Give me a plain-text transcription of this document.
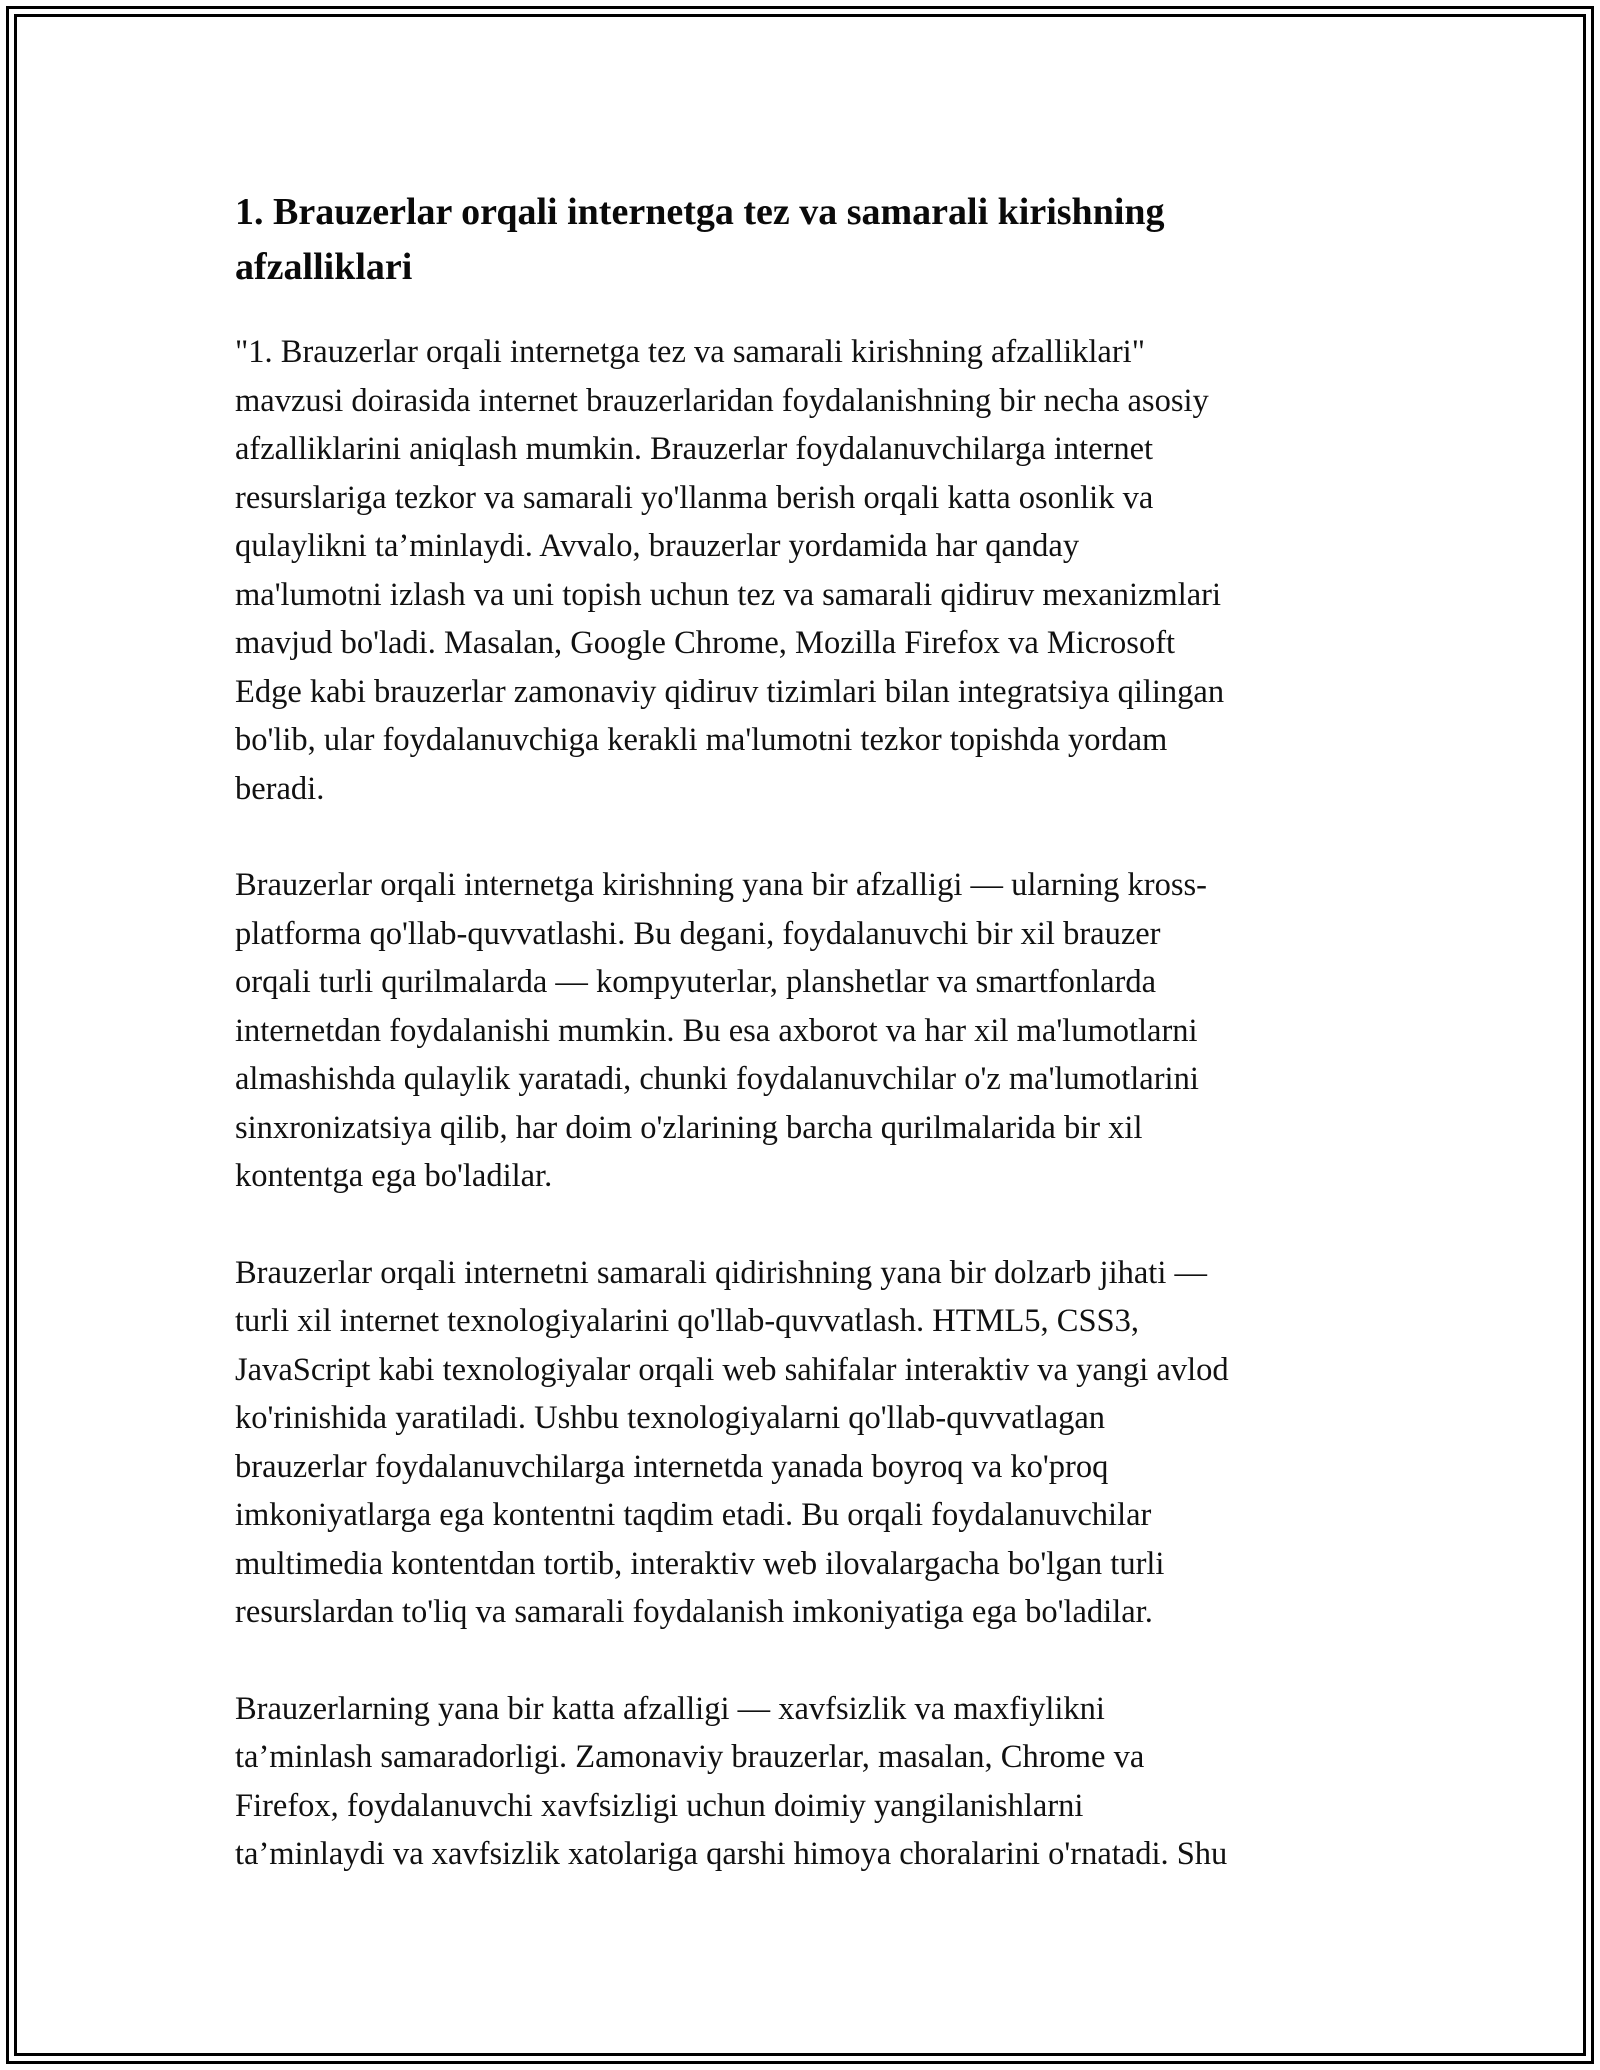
1. Brauzerlar orqali internetga tez va samarali kirishning
afzalliklari

"1. Brauzerlar orqali internetga tez va samarali kirishning afzalliklari"
mavzusi doirasida internet brauzerlaridan foydalanishning bir necha asosiy
afzalliklarini aniqlash mumkin. Brauzerlar foydalanuvchilarga internet
resurslariga tezkor va samarali yo'llanma berish orqali katta osonlik va
qulaylikni ta’minlaydi. Avvalo, brauzerlar yordamida har qanday
ma'lumotni izlash va uni topish uchun tez va samarali qidiruv mexanizmlari
mavjud bo'ladi. Masalan, Google Chrome, Mozilla Firefox va Microsoft
Edge kabi brauzerlar zamonaviy qidiruv tizimlari bilan integratsiya qilingan
bo'lib, ular foydalanuvchiga kerakli ma'lumotni tezkor topishda yordam
beradi.

Brauzerlar orqali internetga kirishning yana bir afzalligi — ularning kross-
platforma qo'llab-quvvatlashi. Bu degani, foydalanuvchi bir xil brauzer
orqali turli qurilmalarda — kompyuterlar, planshetlar va smartfonlarda
internetdan foydalanishi mumkin. Bu esa axborot va har xil ma'lumotlarni
almashishda qulaylik yaratadi, chunki foydalanuvchilar o'z ma'lumotlarini
sinxronizatsiya qilib, har doim o'zlarining barcha qurilmalarida bir xil
kontentga ega bo'ladilar.

Brauzerlar orqali internetni samarali qidirishning yana bir dolzarb jihati —
turli xil internet texnologiyalarini qo'llab-quvvatlash. HTML5, CSS3,
JavaScript kabi texnologiyalar orqali web sahifalar interaktiv va yangi avlod
ko'rinishida yaratiladi. Ushbu texnologiyalarni qo'llab-quvvatlagan
brauzerlar foydalanuvchilarga internetda yanada boyroq va ko'proq
imkoniyatlarga ega kontentni taqdim etadi. Bu orqali foydalanuvchilar
multimedia kontentdan tortib, interaktiv web ilovalargacha bo'lgan turli
resurslardan to'liq va samarali foydalanish imkoniyatiga ega bo'ladilar.

Brauzerlarning yana bir katta afzalligi — xavfsizlik va maxfiylikni
ta’minlash samaradorligi. Zamonaviy brauzerlar, masalan, Chrome va
Firefox, foydalanuvchi xavfsizligi uchun doimiy yangilanishlarni
ta’minlaydi va xavfsizlik xatolariga qarshi himoya choralarini o'rnatadi. Shu
